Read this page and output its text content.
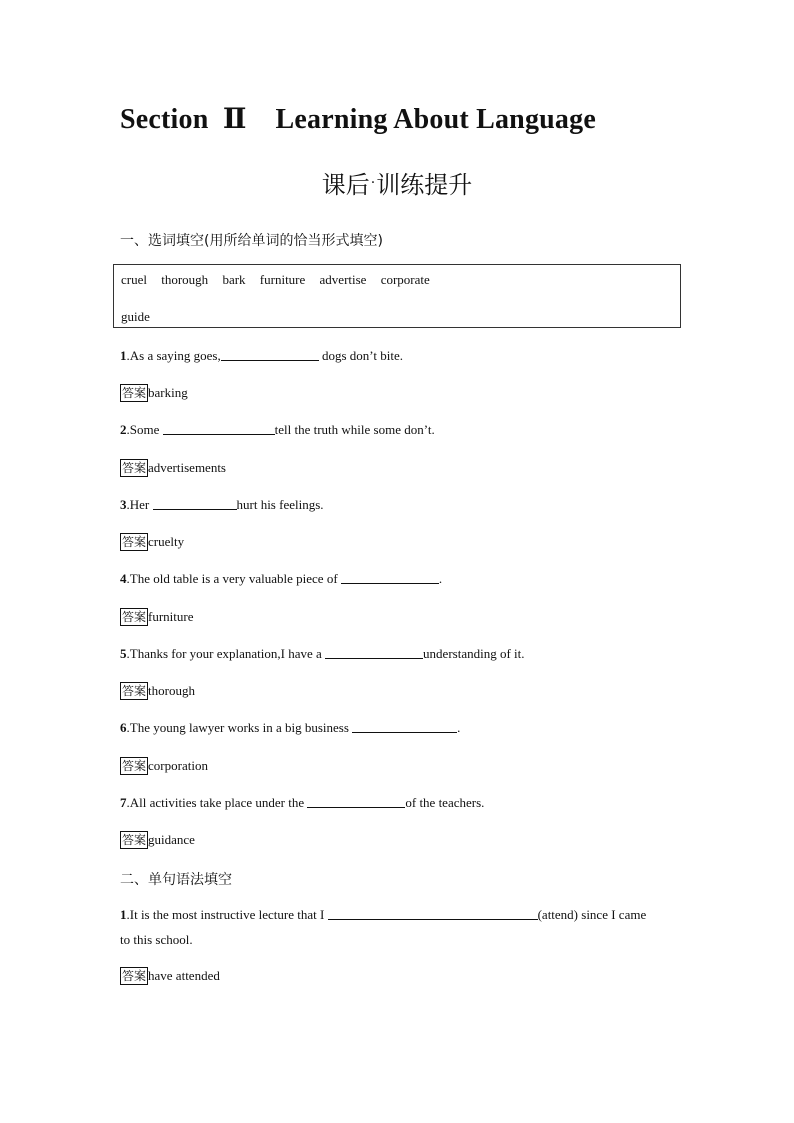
Section  Ⅱ    Learning About Language
课后·训练提升
一、选词填空(用所给单词的恰当形式填空)
cruel thorough bark furniture advertise corporate
guide
1.As a saying goes,	dogs don’t bite.
答案 barking
2.Some	tell the truth while some don’t.
答案 advertisements
3.Her	hurt his feelings.
答案 cruelty
4.The old table is a very valuable piece of	.
答案 furniture
5.Thanks for your explanation,I have a	understanding of it.
答案 thorough
6.The young lawyer works in a big business	.
答案 corporation
7.All activities take place under the	of the teachers.
答案 guidance
二、单句语法填空
1.It is the most instructive lecture that I	(attend) since I came
to this school.
答案 have attended
